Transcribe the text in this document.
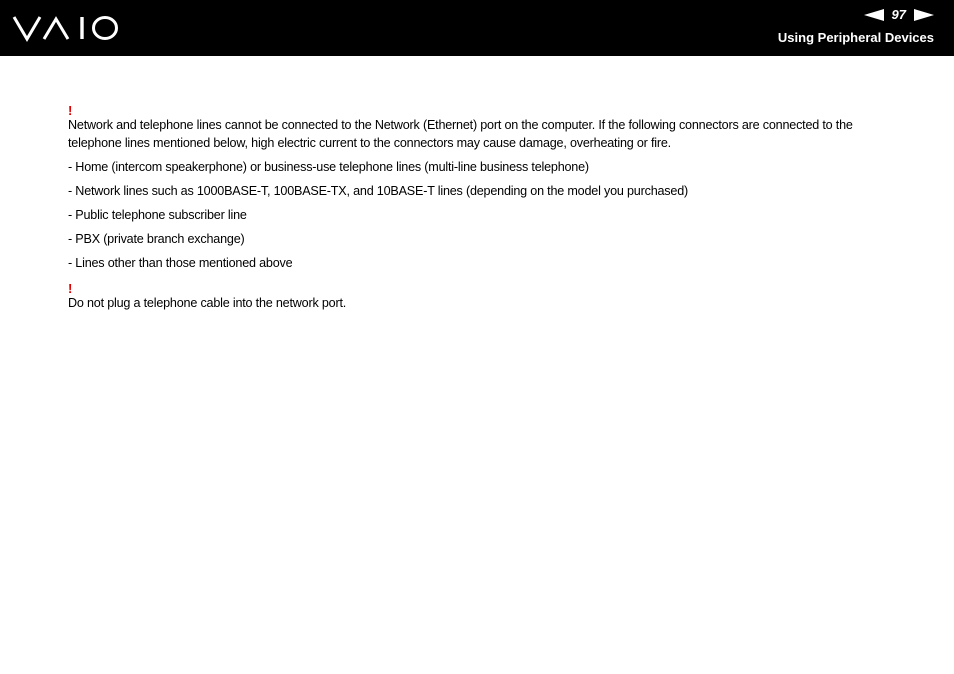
97
Using Peripheral Devices
!

Network and telephone lines cannot be connected to the Network (Ethernet) port on the computer. If the following connectors are connected to the telephone lines mentioned below, high electric current to the connectors may cause damage, overheating or fire.

- Home (intercom speakerphone) or business-use telephone lines (multi-line business telephone)

- Network lines such as 1000BASE-T, 100BASE-TX, and 10BASE-T lines (depending on the model you purchased)

- Public telephone subscriber line

- PBX (private branch exchange)

- Lines other than those mentioned above

!

Do not plug a telephone cable into the network port.
